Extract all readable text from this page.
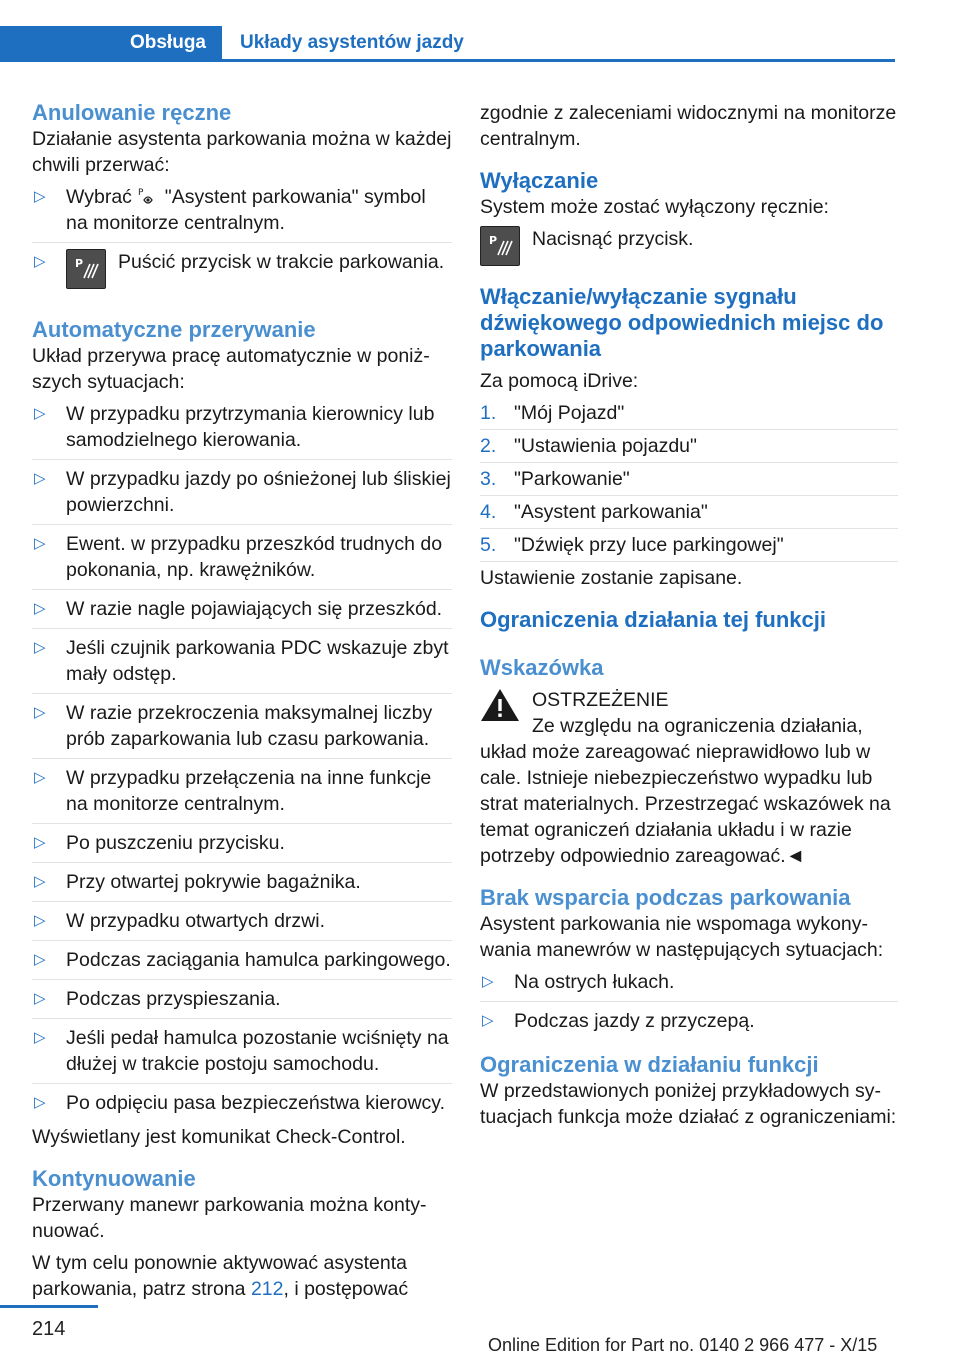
Obsługa	Układy asystentów jazdy
Anulowanie ręczne

Działanie asystenta parkowania można w każdej chwili przerwać:

▷ Wybrać P "Asystent parkowania" symbol na monitorze centralnym.
▷	P Puścić przycisk w trakcie parkowania.
Automatyczne przerywanie

Układ przerywa pracę automatycznie w poniższych sytuacjach:

▷ W przypadku przytrzymania kierownicy lub samodzielnego kierowania.
▷ W przypadku jazdy po ośnieżonej lub śliskiej powierzchni.
▷ Ewent. w przypadku przeszkód trudnych do pokonania, np. krawężników.
▷ W razie nagle pojawiających się przeszkód.
▷ Jeśli czujnik parkowania PDC wskazuje zbyt mały odstęp.
▷ W razie przekroczenia maksymalnej liczby prób zaparkowania lub czasu parkowania.
▷ W przypadku przełączenia na inne funkcje na monitorze centralnym.
▷ Po puszczeniu przycisku.
▷ Przy otwartej pokrywie bagażnika.
▷ W przypadku otwartych drzwi.
▷ Podczas zaciągania hamulca parkingowego.
▷ Podczas przyspieszania.
▷ Jeśli pedał hamulca pozostanie wciśnięty na dłużej w trakcie postoju samochodu.
▷ Po odpięciu pasa bezpieczeństwa kierowcy.

Wyświetlany jest komunikat Check-Control.

Kontynuowanie

Przerwany manewr parkowania można kontynuować.

W tym celu ponownie aktywować asystenta parkowania, patrz strona 212, i postępować

zgodnie z zaleceniami widocznymi na monitorze centralnym.

Wyłączanie

System może zostać wyłączony ręcznie:

P Nacisnąć przycisk.
Włączanie/wyłączanie sygnału dźwiękowego odpowiednich miejsc do parkowania

Za pomocą iDrive:

1. "Mój Pojazd"
2. "Ustawienia pojazdu"
3. "Parkowanie"
4. "Asystent parkowania"
5. "Dźwięk przy luce parkingowej"

Ustawienie zostanie zapisane.

Ograniczenia działania tej funkcji
Wskazówka
OSTRZEŻENIE
Ze względu na ograniczenia działania,

układ może zareagować nieprawidłowo lub w cale. Istnieje niebezpieczeństwo wypadku lub strat materialnych. Przestrzegać wskazówek na temat ograniczeń działania układu i w razie potrzeby odpowiednio zareagować.◄

Brak wsparcia podczas parkowania

Asystent parkowania nie wspomaga wykonywania manewrów w następujących sytuacjach:

▷ Na ostrych łukach.
▷ Podczas jazdy z przyczepą.
Ograniczenia w działaniu funkcji

W przedstawionych poniżej przykładowych sytuacjach funkcja może działać z ograniczeniami:

214
Online Edition for Part no. 0140 2 966 477 - X/15
